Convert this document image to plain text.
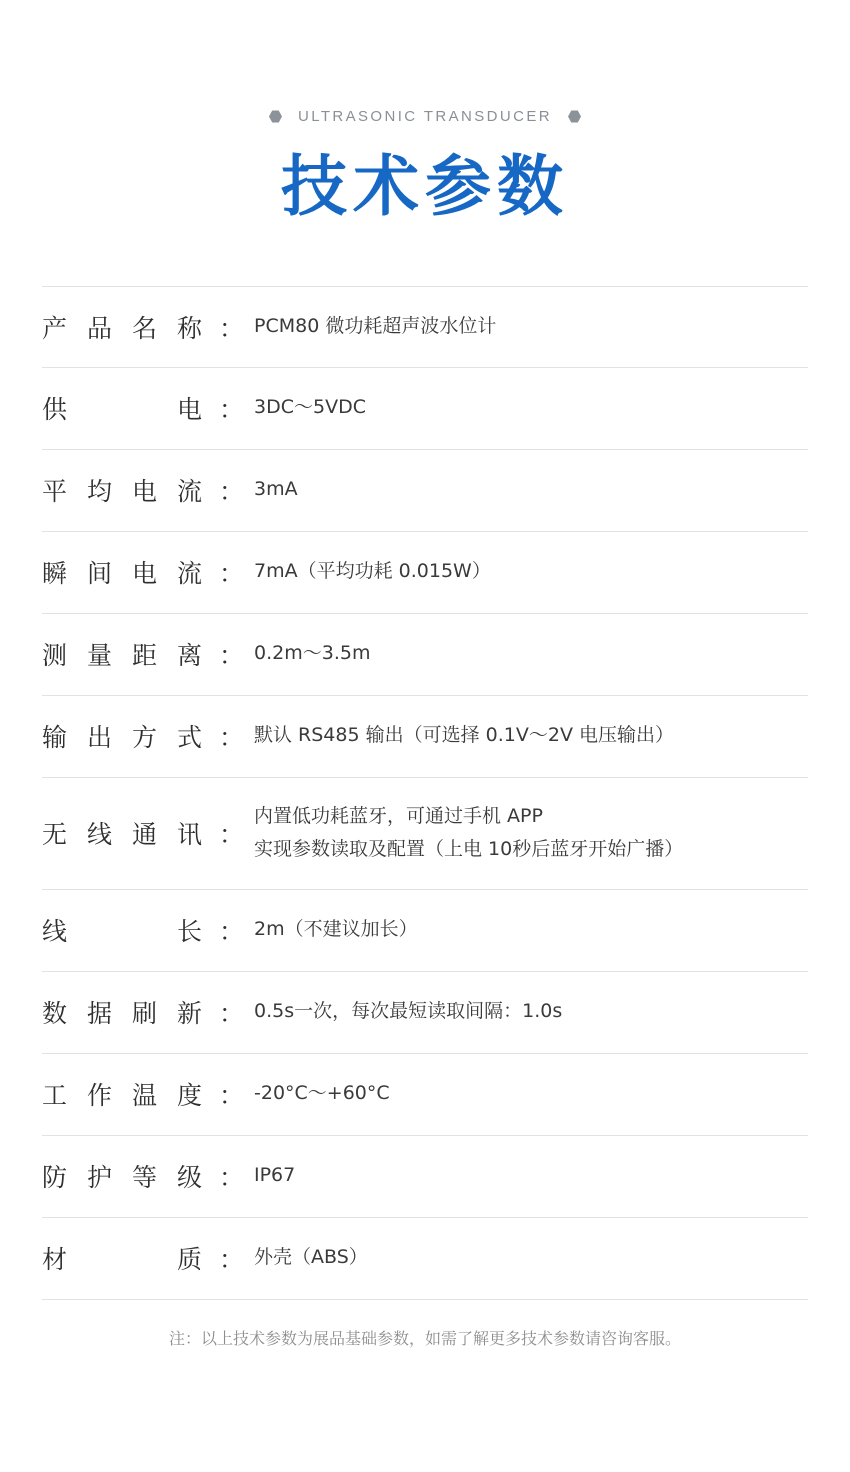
ULTRASONIC TRANSDUCER
技术参数
产 品 名 称 ： PCM80 微功耗超声波水位计
供	电 ： 3DC～5VDC
平 均 电 流 ： 3mA
瞬 间 电 流 ： 7mA（平均功耗 0.015W）
测 量 距 离 ： 0.2m～3.5m
输 出 方 式 ： 默认 RS485 输出（可选择 0.1V～2V 电压输出）
无 线 通 讯 ：
内置低功耗蓝牙，可通过手机 APP
实现参数读取及配置（上电 10秒后蓝牙开始广播）
线	长 ： 2m（不建议加长）
数 据 刷 新 ： 0.5s一次，每次最短读取间隔：1.0s
工 作 温 度 ： -20°C～+60°C
防 护 等 级 ： IP67
材	质 ： 外壳（ABS）
注：以上技术参数为展品基础参数，如需了解更多技术参数请咨询客服。
